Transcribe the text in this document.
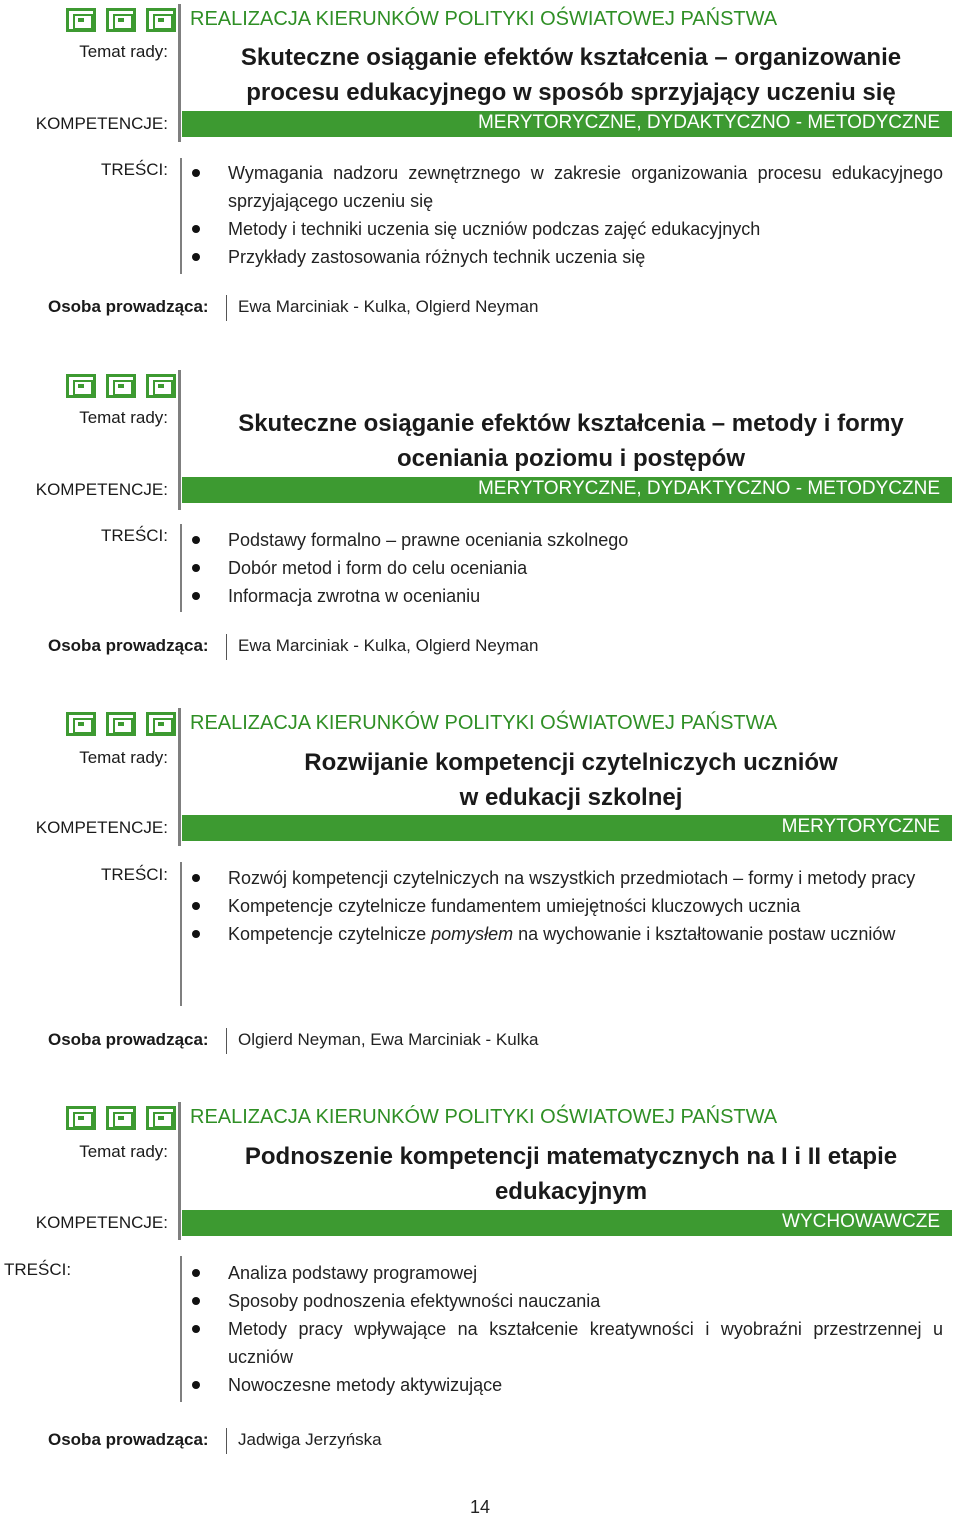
REALIZACJA KIERUNKÓW POLITYKI OŚWIATOWEJ PAŃSTWA
Temat rady:	Skuteczne osiąganie efektów kształcenia – organizowanie
procesu edukacyjnego w sposób sprzyjający uczeniu się
KOMPETENCJE:	MERYTORYCZNE, DYDAKTYCZNO - METODYCZNE
TREŚCI:	Wymagania nadzoru zewnętrznego w zakresie organizowania procesu edukacyjnego sprzyjającego uczeniu się
Metody i techniki uczenia się uczniów podczas zajęć edukacyjnych
Przykłady zastosowania różnych technik uczenia się
Osoba prowadząca: Ewa Marciniak - Kulka, Olgierd Neyman
Temat rady:	Skuteczne osiąganie efektów kształcenia – metody i formy
oceniania poziomu i postępów
KOMPETENCJE:	MERYTORYCZNE, DYDAKTYCZNO - METODYCZNE
TREŚCI:	Podstawy formalno – prawne oceniania szkolnego
Dobór metod i form do celu oceniania
Informacja zwrotna w ocenianiu
Osoba prowadząca: Ewa Marciniak - Kulka, Olgierd Neyman
REALIZACJA KIERUNKÓW POLITYKI OŚWIATOWEJ PAŃSTWA
Temat rady:	Rozwijanie kompetencji czytelniczych uczniów
w edukacji szkolnej
KOMPETENCJE:	MERYTORYCZNE
TREŚCI:	Rozwój kompetencji czytelniczych na wszystkich przedmiotach – formy i metody pracy
Kompetencje czytelnicze fundamentem umiejętności kluczowych ucznia
Kompetencje czytelnicze pomysłem na wychowanie i kształtowanie postaw uczniów
Osoba prowadząca: Olgierd Neyman, Ewa Marciniak - Kulka
REALIZACJA KIERUNKÓW POLITYKI OŚWIATOWEJ PAŃSTWA
Temat rady:	Podnoszenie kompetencji matematycznych na I i II etapie
edukacyjnym
KOMPETENCJE:	WYCHOWAWCZE
TREŚCI:	Analiza podstawy programowej
Sposoby podnoszenia efektywności nauczania
Metody pracy wpływające na kształcenie kreatywności i wyobraźni przestrzennej u uczniów
Nowoczesne metody aktywizujące
Osoba prowadząca: Jadwiga Jerzyńska
14
